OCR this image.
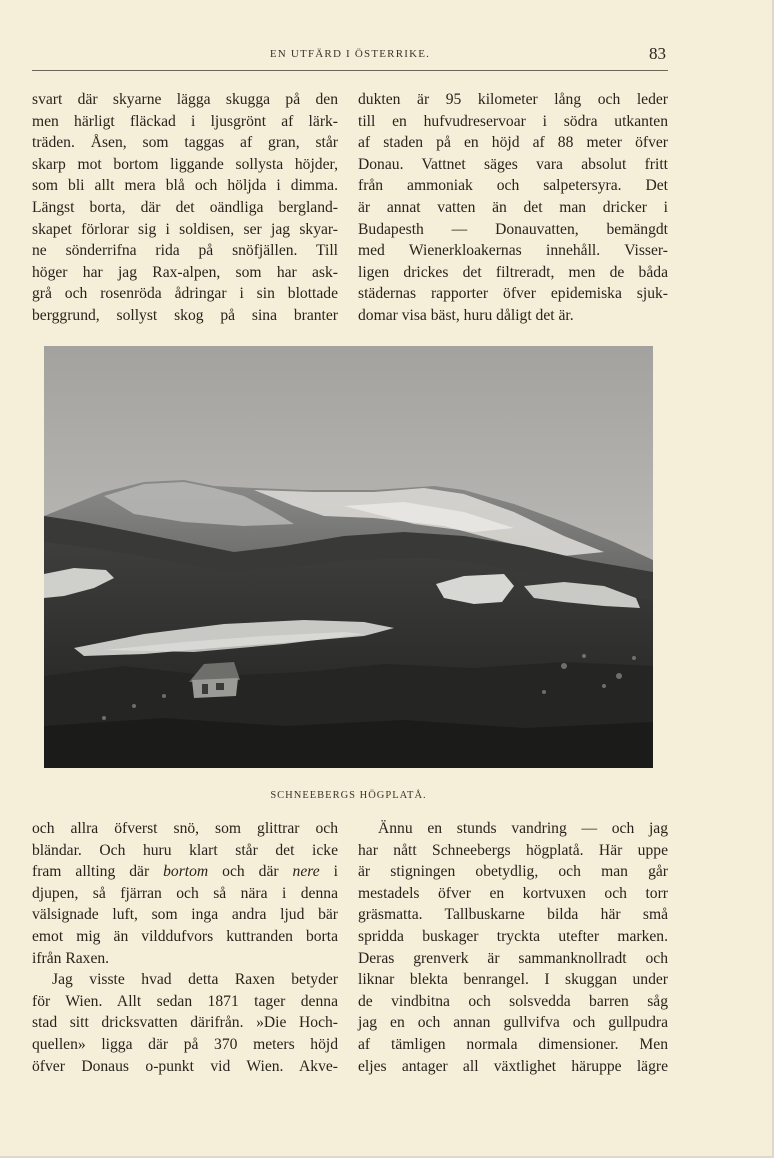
EN UTFÄRD I ÖSTERRIKE.	83

svart där skyarne lägga skugga på den

men härligt fläckad i ljusgrönt af lärk-

träden. Åsen, som taggas af gran, står

skarp mot bortom liggande sollysta höjder,

som bli allt mera blå och höljda i dimma.

Längst borta, där det oändliga bergland-

skapet förlorar sig i soldisen, ser jag skyar-

ne sönderrifna rida på snöfjällen. Till

höger har jag Rax-alpen, som har ask-

grå och rosenröda ådringar i sin blottade

berggrund, sollyst skog på sina branter

dukten är 95 kilometer lång och leder

till en hufvudreservoar i södra utkanten

af staden på en höjd af 88 meter öfver

Donau. Vattnet säges vara absolut fritt

från ammoniak och salpetersyra. Det

är annat vatten än det man dricker i

Budapesth — Donauvatten, bemängdt

med Wienerkloakernas innehåll. Visser-

ligen drickes det filtreradt, men de båda

städernas rapporter öfver epidemiska sjuk-

domar visa bäst, huru dåligt det är.

SCHNEEBERGS HÖGPLATÅ.

och allra öfverst snö, som glittrar och

bländar. Och huru klart står det icke

fram allting där bortom och där nere i

djupen, så fjärran och så nära i denna

välsignade luft, som inga andra ljud bär

emot mig än vilddufvors kuttranden borta

ifrån Raxen.

Jag visste hvad detta Raxen betyder

för Wien. Allt sedan 1871 tager denna

stad sitt dricksvatten därifrån. »Die Hoch-

quellen» ligga där på 370 meters höjd

öfver Donaus o-punkt vid Wien. Akve-

Ännu en stunds vandring — och jag

har nått Schneebergs högplatå. Här uppe

är stigningen obetydlig, och man går

mestadels öfver en kortvuxen och torr

gräsmatta. Tallbuskarne bilda här små

spridda buskager tryckta utefter marken.

Deras grenverk är sammanknollradt och

liknar blekta benrangel. I skuggan under

de vindbitna och solsvedda barren såg

jag en och annan gullvifva och gullpudra

af tämligen normala dimensioner. Men

eljes antager all växtlighet häruppe lägre
